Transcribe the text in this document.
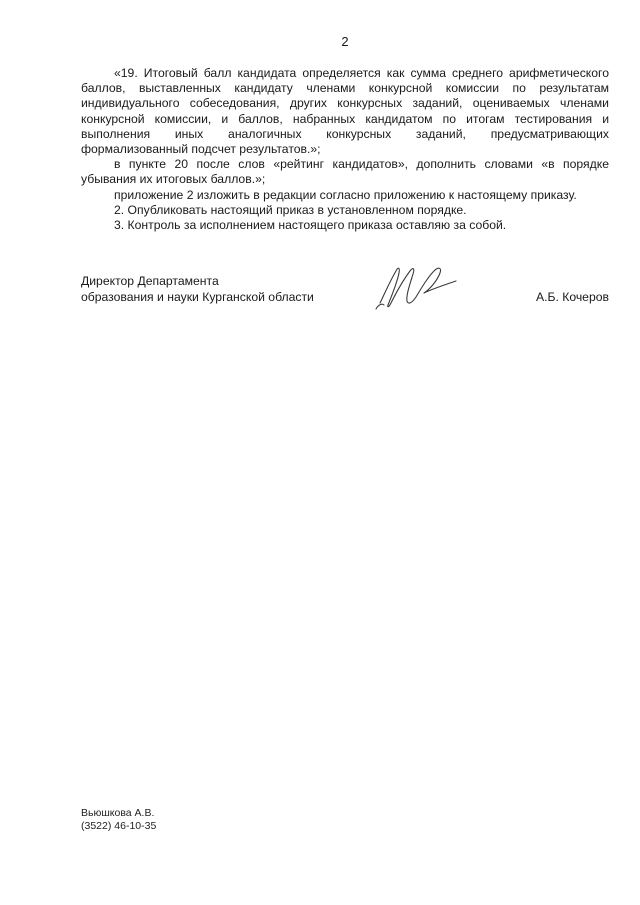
2

«19. Итоговый балл кандидата определяется как сумма среднего арифметического баллов, выставленных кандидату членами конкурсной комиссии по результатам индивидуального собеседования, других конкурсных заданий, оцениваемых членами конкурсной комиссии, и баллов, набранных кандидатом по итогам тестирования и выполнения иных аналогичных конкурсных заданий, предусматривающих формализованный подсчет результатов.»;

в пункте 20 после слов «рейтинг кандидатов», дополнить словами «в порядке убывания их итоговых баллов.»;

приложение 2 изложить в редакции согласно приложению к настоящему приказу.

2. Опубликовать настоящий приказ в установленном порядке.

3. Контроль за исполнением настоящего приказа оставляю за собой.

Директор Департамента
образования и науки Курганской области	А.Б. Кочеров
Вьюшкова А.В.
(3522) 46-10-35
